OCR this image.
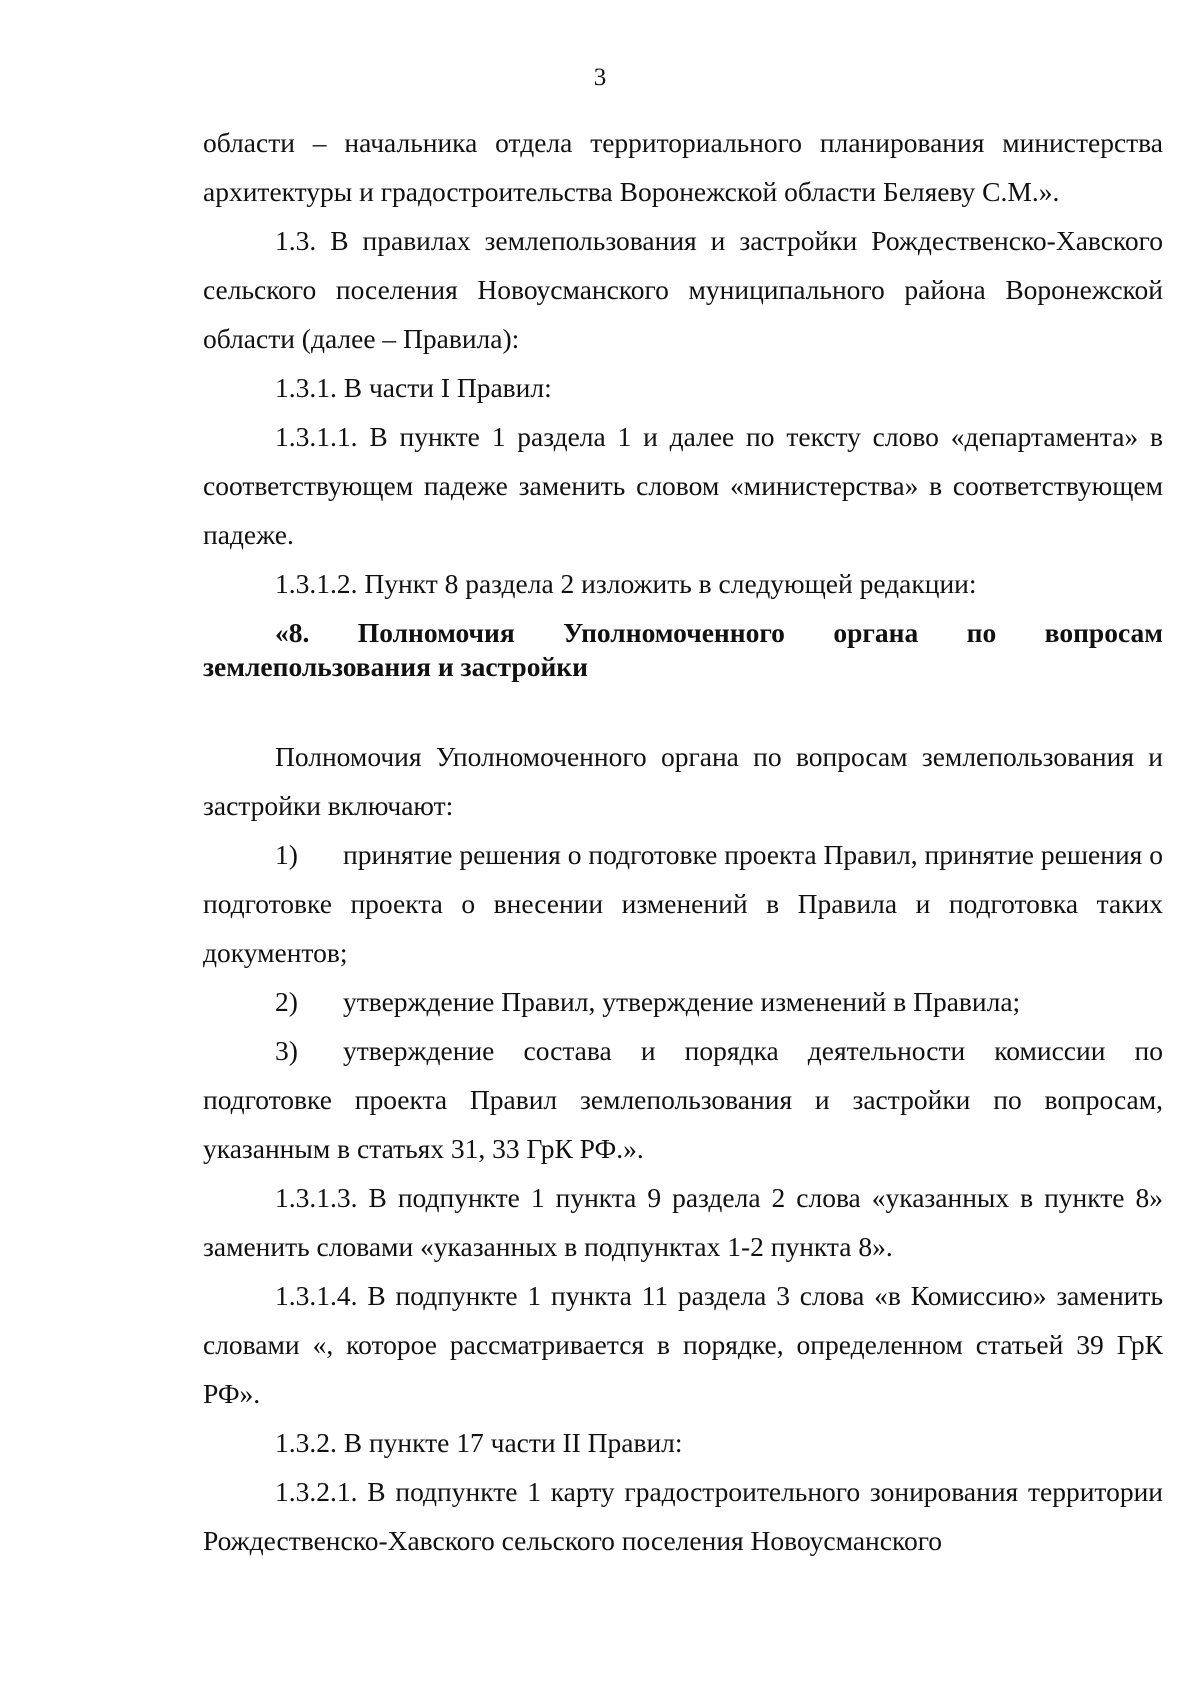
3

области – начальника отдела территориального планирования министерства архитектуры и градостроительства Воронежской области Беляеву С.М.».

1.3. В правилах землепользования и застройки Рождественско-Хавского сельского поселения Новоусманского муниципального района Воронежской области (далее – Правила):

1.3.1. В части I Правил:

1.3.1.1. В пункте 1 раздела 1 и далее по тексту слово «департамента» в соответствующем падеже заменить словом «министерства» в соответствующем падеже.

1.3.1.2. Пункт 8 раздела 2 изложить в следующей редакции:

«8. Полномочия Уполномоченного органа по вопросам землепользования и застройки

Полномочия Уполномоченного органа по вопросам землепользования и застройки включают:

1) принятие решения о подготовке проекта Правил, принятие решения о подготовке проекта о внесении изменений в Правила и подготовка таких документов;

2) утверждение Правил, утверждение изменений в Правила;

3) утверждение состава и порядка деятельности комиссии по подготовке проекта Правил землепользования и застройки по вопросам, указанным в статьях 31, 33 ГрК РФ.».

1.3.1.3. В подпункте 1 пункта 9 раздела 2 слова «указанных в пункте 8» заменить словами «указанных в подпунктах 1-2 пункта 8».

1.3.1.4. В подпункте 1 пункта 11 раздела 3 слова «в Комиссию» заменить словами «, которое рассматривается в порядке, определенном статьей 39 ГрК РФ».

1.3.2. В пункте 17 части II Правил:

1.3.2.1. В подпункте 1 карту градостроительного зонирования территории Рождественско-Хавского сельского поселения Новоусманского
